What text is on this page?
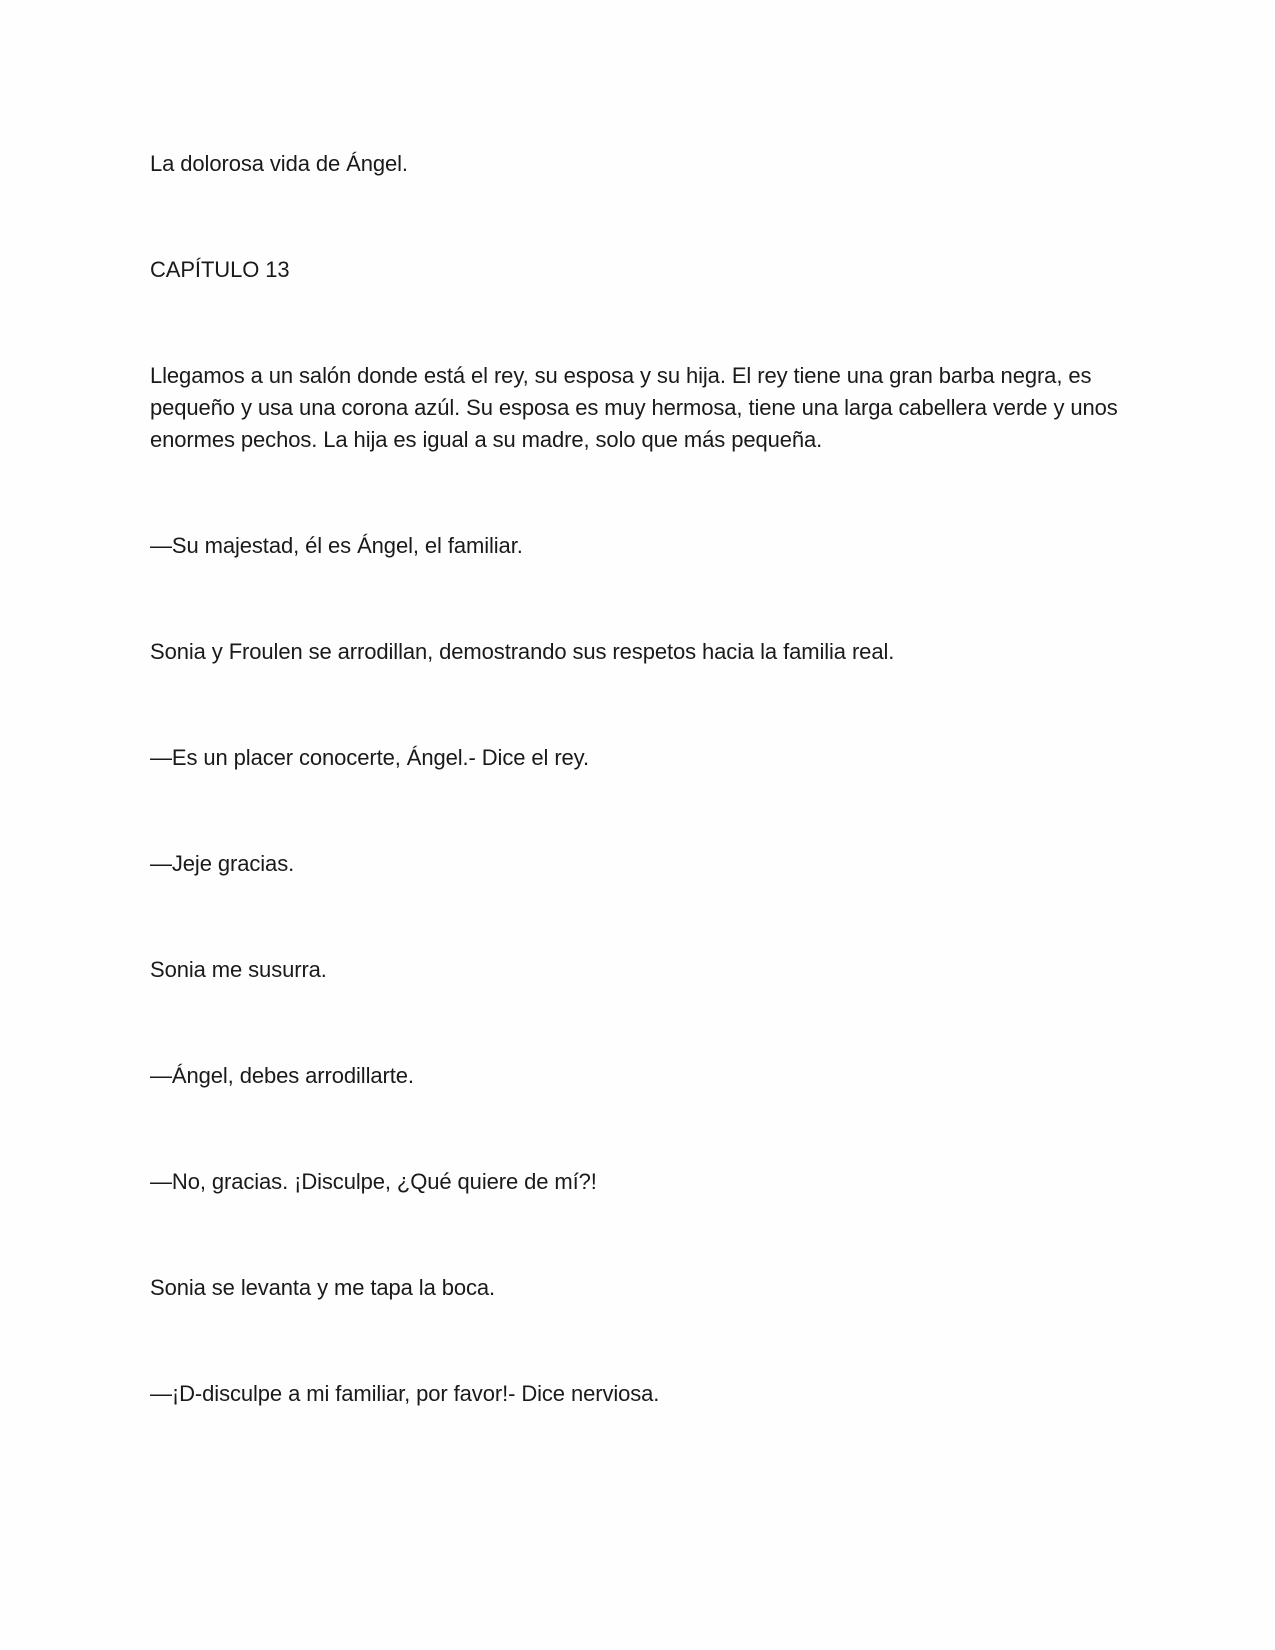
La dolorosa vida de Ángel.

CAPÍTULO 13

Llegamos a un salón donde está el rey, su esposa y su hija. El rey tiene una gran barba negra, es pequeño y usa una corona azúl. Su esposa es muy hermosa, tiene una larga cabellera verde y unos enormes pechos. La hija es igual a su madre, solo que más pequeña.

—Su majestad, él es Ángel, el familiar.

Sonia y Froulen se arrodillan, demostrando sus respetos hacia la familia real.

—Es un placer conocerte, Ángel.- Dice el rey.

—Jeje gracias.

Sonia me susurra.

—Ángel, debes arrodillarte.

—No, gracias. ¡Disculpe, ¿Qué quiere de mí?!

Sonia se levanta y me tapa la boca.

—¡D-disculpe a mi familiar, por favor!- Dice nerviosa.
